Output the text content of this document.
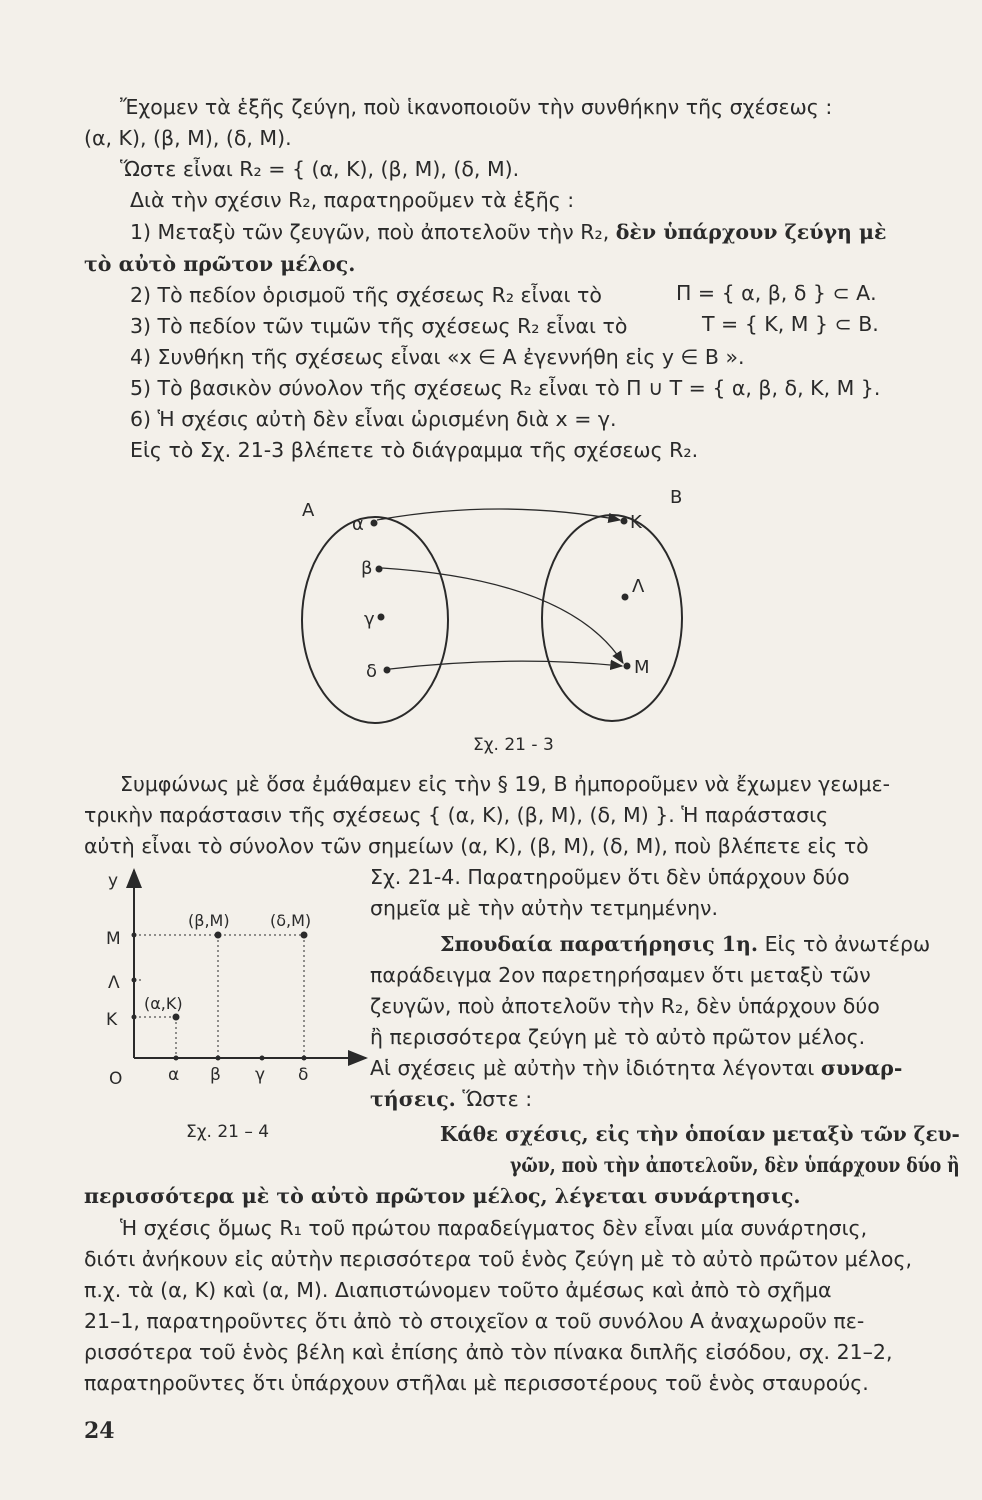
Ἔχομεν τὰ ἑξῆς ζεύγη, ποὺ ἱκανοποιοῦν τὴν συνθήκην τῆς σχέσεως :
(α, Κ), (β, Μ), (δ, Μ).
Ὥστε εἶναι R₂ = { (α, Κ), (β, Μ), (δ, Μ).
Διὰ τὴν σχέσιν R₂, παρατηροῦμεν τὰ ἑξῆς :
1) Μεταξὺ τῶν ζευγῶν, ποὺ ἀποτελοῦν τὴν R₂, δὲν ὑπάρχουν ζεύγη μὲ
τὸ αὐτὸ πρῶτον μέλος.
2) Τὸ πεδίον ὁρισμοῦ τῆς σχέσεως R₂ εἶναι τὸ	Π = { α, β, δ } ⊂ Α.
3) Τὸ πεδίον τῶν τιμῶν τῆς σχέσεως R₂ εἶναι τὸ	Τ = { Κ, Μ } ⊂ Β.
4) Συνθήκη τῆς σχέσεως εἶναι «x ∈ A ἐγεννήθη εἰς y ∈ B ».
5) Τὸ βασικὸν σύνολον τῆς σχέσεως R₂ εἶναι τὸ Π ∪ Τ = { α, β, δ, Κ, Μ }.
6) Ἡ σχέσις αὐτὴ δὲν εἶναι ὡρισμένη διὰ x = γ.
Εἰς τὸ Σχ. 21-3 βλέπετε τὸ διάγραμμα τῆς σχέσεως R₂.
Α
Β
α
β
γ
δ
Κ
Λ
Μ
Σχ. 21 - 3
Συμφώνως μὲ ὅσα ἐμάθαμεν εἰς τὴν § 19, Β ἠμποροῦμεν νὰ ἔχωμεν γεωμε-
τρικὴν παράστασιν τῆς σχέσεως { (α, Κ), (β, Μ), (δ, Μ) }. Ἡ παράστασις
αὐτὴ εἶναι τὸ σύνολον τῶν σημείων (α, Κ), (β, Μ), (δ, Μ), ποὺ βλέπετε εἰς τὸ
Σχ. 21-4. Παρατηροῦμεν ὅτι δὲν ὑπάρχουν δύο
σημεῖα μὲ τὴν αὐτὴν τετμημένην.
Σπουδαία παρατήρησις 1η. Εἰς τὸ ἀνωτέρω
παράδειγμα 2ον παρετηρήσαμεν ὅτι μεταξὺ τῶν
ζευγῶν, ποὺ ἀποτελοῦν τὴν R₂, δὲν ὑπάρχουν δύο
ἢ περισσότερα ζεύγη μὲ τὸ αὐτὸ πρῶτον μέλος.
Αἱ σχέσεις μὲ αὐτὴν τὴν ἰδιότητα λέγονται συναρ-
τήσεις. Ὥστε :
Κάθε σχέσις, εἰς τὴν ὁποίαν μεταξὺ τῶν ζευ-
γῶν, ποὺ τὴν ἀποτελοῦν, δὲν ὑπάρχουν δύο ἢ
περισσότερα μὲ τὸ αὐτὸ πρῶτον μέλος, λέγεται συνάρτησις.
y
Ο
Μ
Λ
Κ
α β γ δ
(β,Μ)	(δ,Μ)
(α,Κ)
Σχ. 21 – 4
Ἡ σχέσις ὅμως R₁ τοῦ πρώτου παραδείγματος δὲν εἶναι μία συνάρτησις,
διότι ἀνήκουν εἰς αὐτὴν περισσότερα τοῦ ἑνὸς ζεύγη μὲ τὸ αὐτὸ πρῶτον μέλος,
π.χ. τὰ (α, Κ) καὶ (α, Μ). Διαπιστώνομεν τοῦτο ἀμέσως καὶ ἀπὸ τὸ σχῆμα
21–1, παρατηροῦντες ὅτι ἀπὸ τὸ στοιχεῖον α τοῦ συνόλου Α ἀναχωροῦν πε-
ρισσότερα τοῦ ἑνὸς βέλη καὶ ἐπίσης ἀπὸ τὸν πίνακα διπλῆς εἰσόδου, σχ. 21–2,
παρατηροῦντες ὅτι ὑπάρχουν στῆλαι μὲ περισσοτέρους τοῦ ἑνὸς σταυρούς.
24
